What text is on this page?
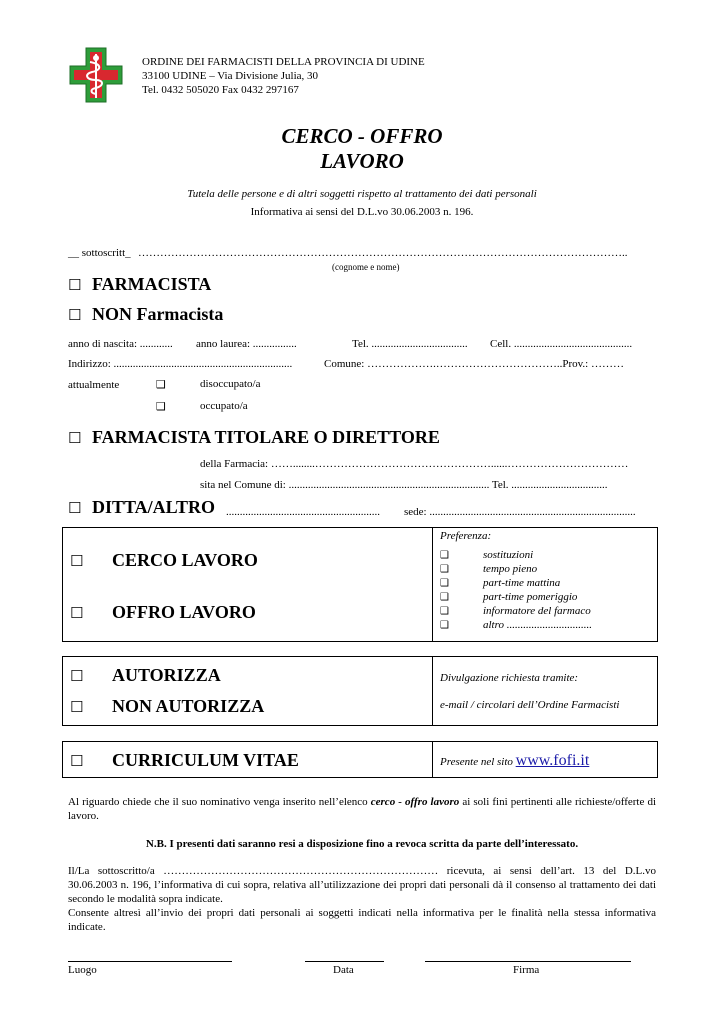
ORDINE DEI FARMACISTI DELLA PROVINCIA DI UDINE
33100 UDINE – Via Divisione Julia, 30
Tel. 0432 505020 Fax 0432 297167
CERCO - OFFRO
LAVORO
Tutela delle persone e di altri soggetti rispetto al trattamento dei dati personali
Informativa ai sensi del D.L.vo 30.06.2003 n. 196.
__ sottoscritt_ ……………………………………………………………………………………………………………………..
(cognome e nome)
☐ FARMACISTA
☐ NON Farmacista
anno di nascita: ............ anno laurea: ................	Tel. ................................... Cell. ...........................................
Indirizzo: .................................................................	Comune: ……………….……………………………..Prov.: ………
attualmente	❑	disoccupato/a
❑	occupato/a
☐ FARMACISTA TITOLARE O DIRETTORE
della Farmacia: ……........…………………………………………......……………………………
sita nel Comune di: ......................................................................... Tel. ...................................
☐ DITTA/ALTRO ........................................................ sede: ...........................................................................
☐ CERCO LAVORO
☐ OFFRO LAVORO
Preferenza:
❑	sostituzioni
❑	tempo pieno
❑	part-time mattina
❑	part-time pomeriggio
❑	informatore del farmaco
❑	altro ...............................
☐ AUTORIZZA
☐ NON AUTORIZZA
Divulgazione richiesta tramite:
e-mail / circolari dell’Ordine Farmacisti
☐ CURRICULUM VITAE	Presente nel sito www.fofi.it
Al riguardo chiede che il suo nominativo venga inserito nell’elenco cerco - offro lavoro ai soli fini pertinenti alle richieste/offerte di lavoro.
N.B. I presenti dati saranno resi a disposizione fino a revoca scritta da parte dell’interessato.
Il/La sottoscritto/a ………………………………………………………………… ricevuta, ai sensi dell’art. 13 del D.L.vo 30.06.2003 n. 196, l’informativa di cui sopra, relativa all’utilizzazione dei propri dati personali dà il consenso al trattamento dei dati secondo le modalità sopra indicate.
Consente altresì all’invio dei propri dati personali ai soggetti indicati nella informativa per le finalità nella stessa informativa indicate.
Luogo	Data	Firma
